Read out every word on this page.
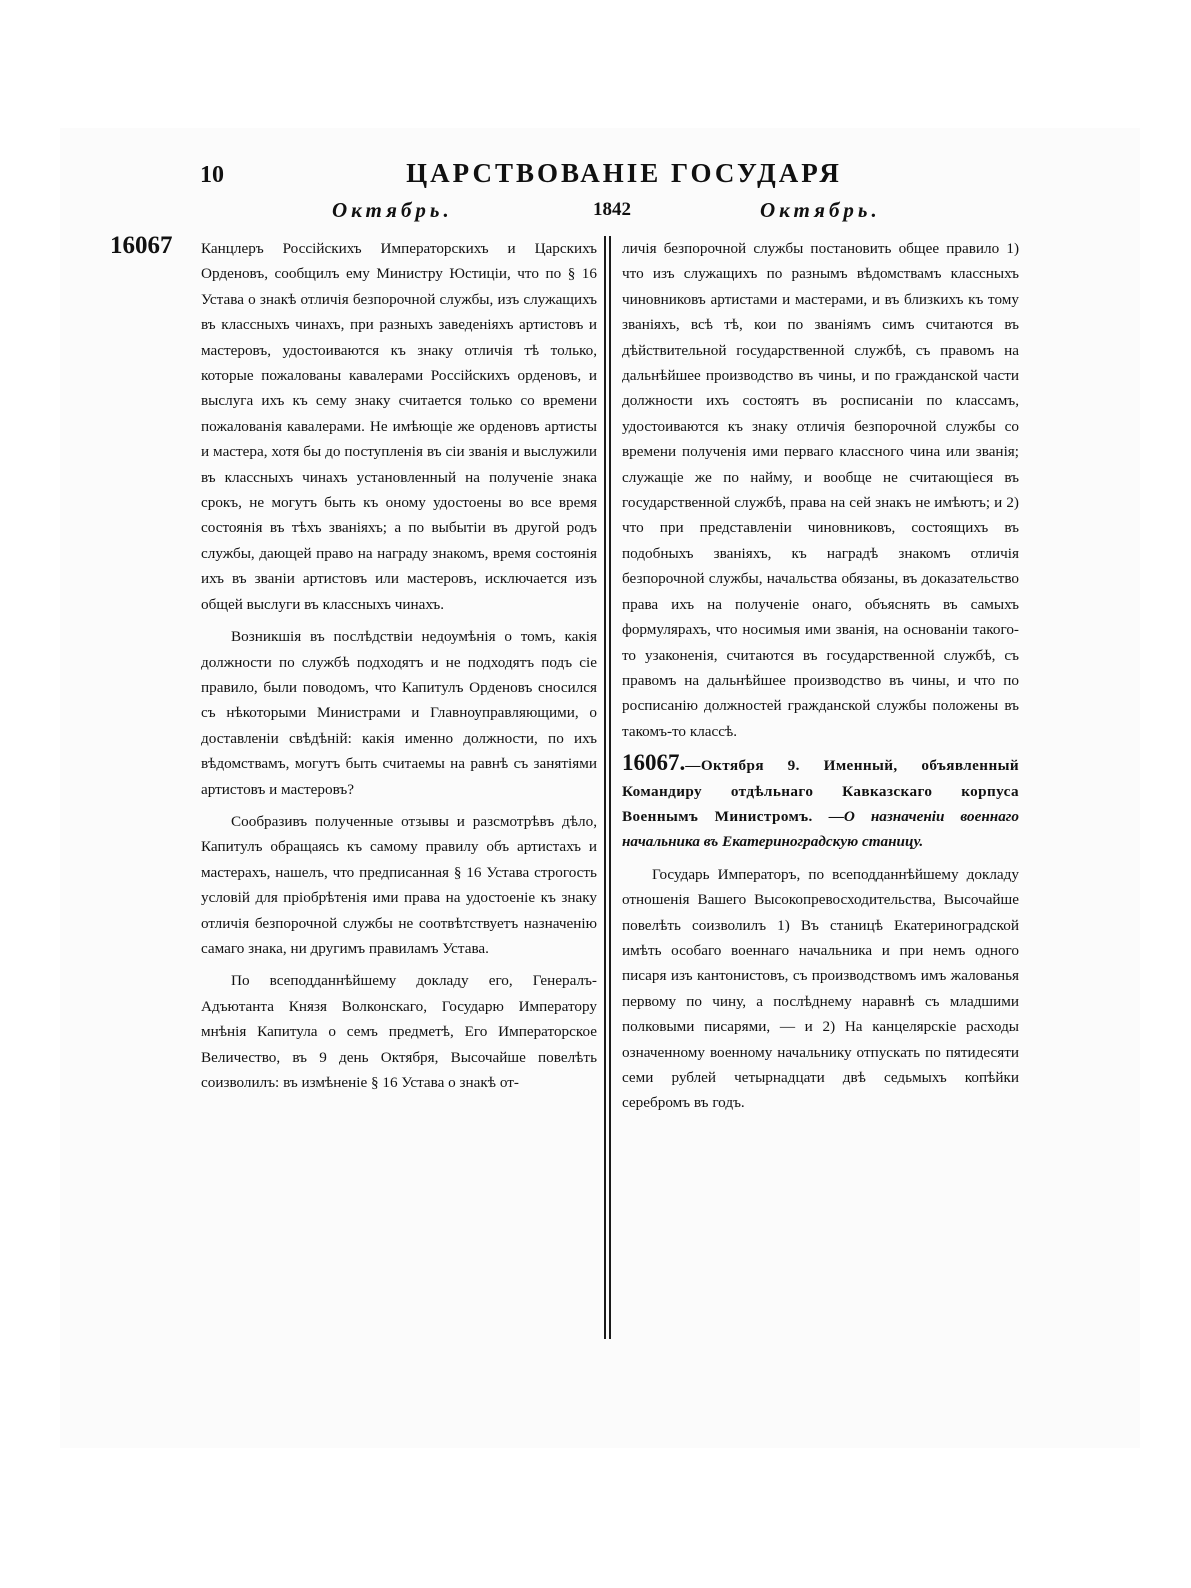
10	ЦАРСТВОВАНІЕ ГОСУДАРЯ
Октябрь.	1842	Октябрь.
16067 Канцлеръ Россійскихъ Императорскихъ и Царскихъ Орденовъ, сообщилъ ему Министру Юстиціи, что по § 16 Устава о знакѣ отличія безпорочной службы, изъ служащихъ въ классныхъ чинахъ, при разныхъ заведеніяхъ артистовъ и мастеровъ, удостоиваются къ знаку отличія тѣ только, которые пожалованы кавалерами Россійскихъ орденовъ, и выслуга ихъ къ сему знаку считается только со времени пожалованія кавалерами. Не имѣющіе же орденовъ артисты и мастера, хотя бы до поступленія въ сіи званія и выслужили въ классныхъ чинахъ установленный на полученіе знака срокъ, не могутъ быть къ оному удостоены во все время состоянія въ тѣхъ званіяхъ; а по выбытіи въ другой родъ службы, дающей право на награду знакомъ, время состоянія ихъ въ званіи артистовъ или мастеровъ, исключается изъ общей выслуги въ классныхъ чинахъ.

Возникшія въ послѣдствіи недоумѣнія о томъ, какія должности по службѣ подходятъ и не подходятъ подъ сіе правило, были поводомъ, что Капитулъ Орденовъ сносился съ нѣкоторыми Министрами и Главноуправляющими, о доставленіи свѣдѣній: какія именно должности, по ихъ вѣдомствамъ, могутъ быть считаемы на равнѣ съ занятіями артистовъ и мастеровъ?

Сообразивъ полученные отзывы и разсмотрѣвъ дѣло, Капитулъ обращаясь къ самому правилу объ артистахъ и мастерахъ, нашелъ, что предписанная § 16 Устава строгость условій для пріобрѣтенія ими права на удостоеніе къ знаку отличія безпорочной службы не соотвѣтствуетъ назначенію самаго знака, ни другимъ правиламъ Устава.

По всеподданнѣйшему докладу его, Генералъ-Адъютанта Князя Волконскаго, Государю Императору мнѣнія Капитула о семъ предметѣ, Его Императорское Величество, въ 9 день Октября, Высочайше повелѣть соизволилъ: въ измѣненіе § 16 Устава о знакѣ от-

личія безпорочной службы постановить общее правило 1) что изъ служащихъ по разнымъ вѣдомствамъ классныхъ чиновниковъ артистами и мастерами, и въ близкихъ къ тому званіяхъ, всѣ тѣ, кои по званіямъ симъ считаются въ дѣйствительной государственной службѣ, съ правомъ на дальнѣйшее производство въ чины, и по гражданской части должности ихъ состоятъ въ росписаніи по классамъ, удостоиваются къ знаку отличія безпорочной службы со времени полученія ими перваго классного чина или званія; служащіе же по найму, и вообще не считающіеся въ государственной службѣ, права на сей знакъ не имѣютъ; и 2) что при представленіи чиновниковъ, состоящихъ въ подобныхъ званіяхъ, къ наградѣ знакомъ отличія безпорочной службы, начальства обязаны, въ доказательство права ихъ на полученіе онаго, объяснять въ самыхъ формулярахъ, что носимыя ими званія, на основаніи такого-то узаконенія, считаются въ государственной службѣ, съ правомъ на дальнѣйшее производство въ чины, и что по росписанію должностей гражданской службы положены въ такомъ-то классѣ.

16067.—Октября 9. Именный, объявленный Командиру отдѣльнаго Кавказскаго корпуса Военнымъ Министромъ. —О назначеніи военнаго начальника въ Екатериноградскую станицу.

Государь Императоръ, по всеподданнѣйшему докладу отношенія Вашего Высокопревосходительства, Высочайше повелѣть соизволилъ 1) Въ станицѣ Екатериноградской имѣть особаго военнаго начальника и при немъ одного писаря изъ кантонистовъ, съ производствомъ имъ жалованья первому по чину, а послѣднему наравнѣ съ младшими полковыми писарями, — и 2) На канцелярскіе расходы означенному военному начальнику отпускать по пятидесяти семи рублей четырнадцати двѣ седьмыхъ копѣйки серебромъ въ годъ.
